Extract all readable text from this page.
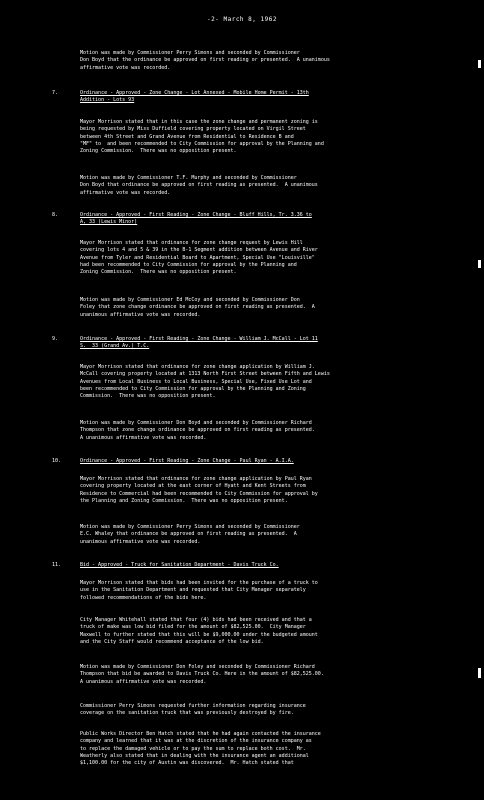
-2- March 8, 1962
Motion was made by Commissioner Perry Simons and seconded by Commissioner
Don Boyd that the ordinance be approved on first reading or presented.  A unanimous
affirmative vote was recorded.
7.	Ordinance - Approved - Zone Change - Lot Annexed - Mobile Home Permit - 13th
Addition - Lots 93
Mayor Morrison stated that in this case the zone change and permanent zoning is
being requested by Miss Duffield covering property located on Virgil Street
between 4th Street and Grand Avenue from Residential to Residence B and
"MF" to  and been recommended to City Commission for approval by the Planning and
Zoning Commission.  There was no opposition present.
Motion was made by Commissioner T.F. Murphy and seconded by Commissioner
Don Boyd that ordinance be approved on first reading as presented.  A unanimous
affirmative vote was recorded.
8.	Ordinance - Approved - First Reading - Zone Change - Bluff Hills, Tr. 3.36 to
A, 33 (Lewis Minor)
Mayor Morrison stated that ordinance for zone change request by Lewis Hill
covering lots 4 and 5 & 39 in the B-1 Segment addition between Avenue and River
Avenue from Tyler and Residential Board to Apartment, Special Use "Louisville"
had been recommended to City Commission for approval by the Planning and
Zoning Commission.  There was no opposition present.
Motion was made by Commissioner Ed McCoy and seconded by Commissioner Don
Foley that zone change ordinance be approved on first reading as presented.  A
unanimous affirmative vote was recorded.
9.	Ordinance - Approved - First Reading - Zone Change - William J. McCall - Lot 11
S.  33 (Grand Av.) T.C.
Mayor Morrison stated that ordinance for zone change application by William J.
McCall covering property located at 1313 North First Street between Fifth and Lewis
Avenues from Local Business to Local Business, Special Use, Fixed Use Lot and
been recommended to City Commission for approval by the Planning and Zoning
Commission.  There was no opposition present.
Motion was made by Commissioner Don Boyd and seconded by Commissioner Richard
Thompson that zone change ordinance be approved on first reading as presented.
A unanimous affirmative vote was recorded.
10.	Ordinance - Approved - First Reading - Zone Change - Paul Ryan - A.I.A.
Mayor Morrison stated that ordinance for zone change application by Paul Ryan
covering property located at the east corner of Hyatt and Kent Streets from
Residence to Commercial had been recommended to City Commission for approval by
the Planning and Zoning Commission.  There was no opposition present.
Motion was made by Commissioner Perry Simons and seconded by Commissioner
E.C. Whaley that ordinance be approved on first reading as presented.  A
unanimous affirmative vote was recorded.
11.	Bid - Approved - Truck for Sanitation Department - Davis Truck Co.
Mayor Morrison stated that bids had been invited for the purchase of a truck to
use in the Sanitation Department and requested that City Manager separately
followed recommendations of the bids here.
City Manager Whitehall stated that four (4) bids had been received and that a
truck of make was low bid filed for the amount of $82,525.00.  City Manager
Maxwell to further stated that this will be $9,000.00 under the budgeted amount
and the City Staff would recommend acceptance of the low bid.
Motion was made by Commissioner Don Foley and seconded by Commissioner Richard
Thompson that bid be awarded to Davis Truck Co. Here in the amount of $82,525.00.
A unanimous affirmative vote was recorded.
Commissioner Perry Simons requested further information regarding insurance
coverage on the sanitation truck that was previously destroyed by fire.
Public Works Director Ben Hatch stated that he had again contacted the insurance
company and learned that it was at the discretion of the insurance company as
to replace the damaged vehicle or to pay the sum to replace both cost.  Mr.
Weatherly also stated that in dealing with the insurance agent an additional
$1,100.00 for the city of Austin was discovered.  Mr. Hatch stated that
